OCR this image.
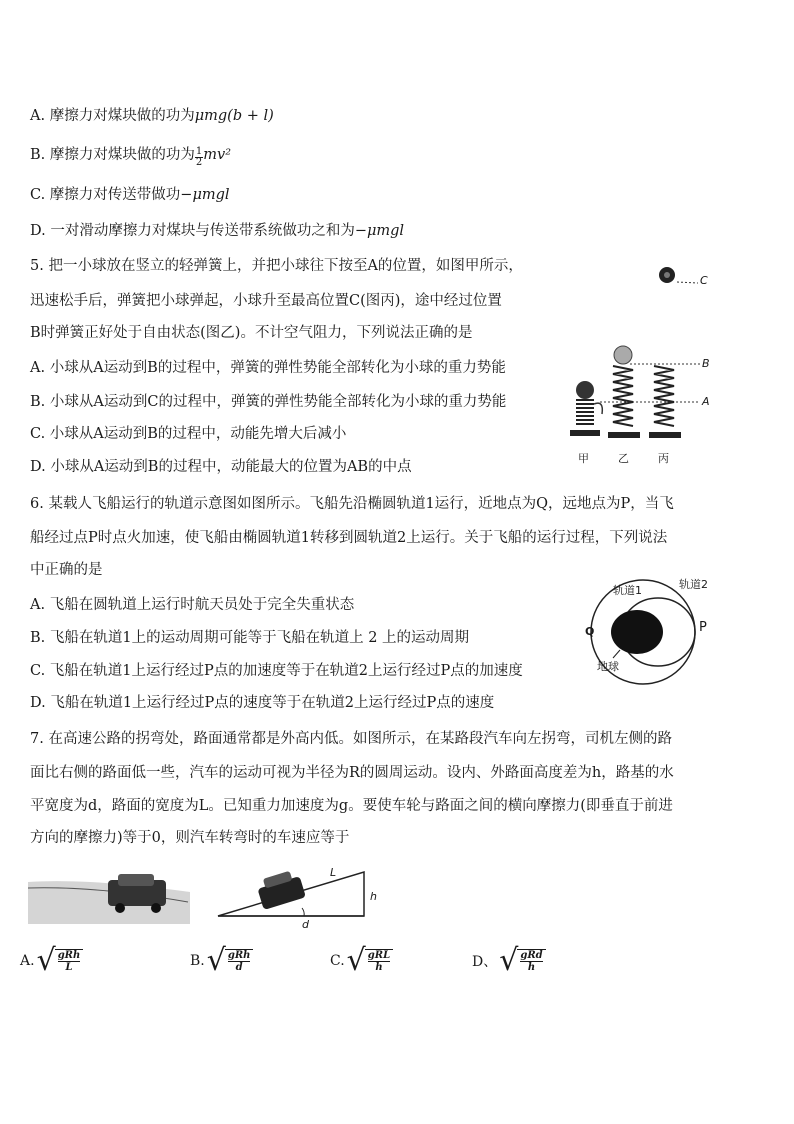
A. 摩擦力对煤块做的功为μmg(b + l)
B. 摩擦力对煤块做的功为 $\frac{1}{2} mv^2$
C. 摩擦力对传送带做功−μmgl
D. 一对滑动摩擦力对煤块与传送带系统做功之和为−μmgl
5. 把一小球放在竖立的轻弹簧上，并把小球往下按至A的位置，如图甲所示，
迅速松手后，弹簧把小球弹起，小球升至最高位置C(图丙)，途中经过位置
B时弹簧正好处于自由状态(图乙)。不计空气阻力，下列说法正确的是
A. 小球从A运动到B的过程中，弹簧的弹性势能全部转化为小球的重力势能
B. 小球从A运动到C的过程中，弹簧的弹性势能全部转化为小球的重力势能
C. 小球从A运动到B的过程中，动能先增大后减小
D. 小球从A运动到B的过程中，动能最大的位置为AB的中点
C
B
A
甲	乙	丙
6. 某载人飞船运行的轨道示意图如图所示。飞船先沿椭圆轨道1运行，近地点为Q，远地点为P，当飞
船经过点P时点火加速，使飞船由椭圆轨道1转移到圆轨道2上运行。关于飞船的运行过程，下列说法
中正确的是
A. 飞船在圆轨道上运行时航天员处于完全失重状态
B. 飞船在轨道1上的运动周期可能等于飞船在轨道上 2 上的运动周期
C. 飞船在轨道1上运行经过P点的加速度等于在轨道2上运行经过P点的加速度
D. 飞船在轨道1上运行经过P点的速度等于在轨道2上运行经过P点的速度
轨道1	轨道2
Q	P
地球
7. 在高速公路的拐弯处，路面通常都是外高内低。如图所示，在某路段汽车向左拐弯，司机左侧的路
面比右侧的路面低一些，汽车的运动可视为半径为R的圆周运动。设内、外路面高度差为h，路基的水
平宽度为d，路面的宽度为L。已知重力加速度为g。要使车轮与路面之间的横向摩擦力(即垂直于前进
方向的摩擦力)等于0，则汽车转弯时的车速应等于
L
h
d
A. √ gRh
L	B. √ gRh
d	C. √ gRL
h	D、 √ gRd
h
